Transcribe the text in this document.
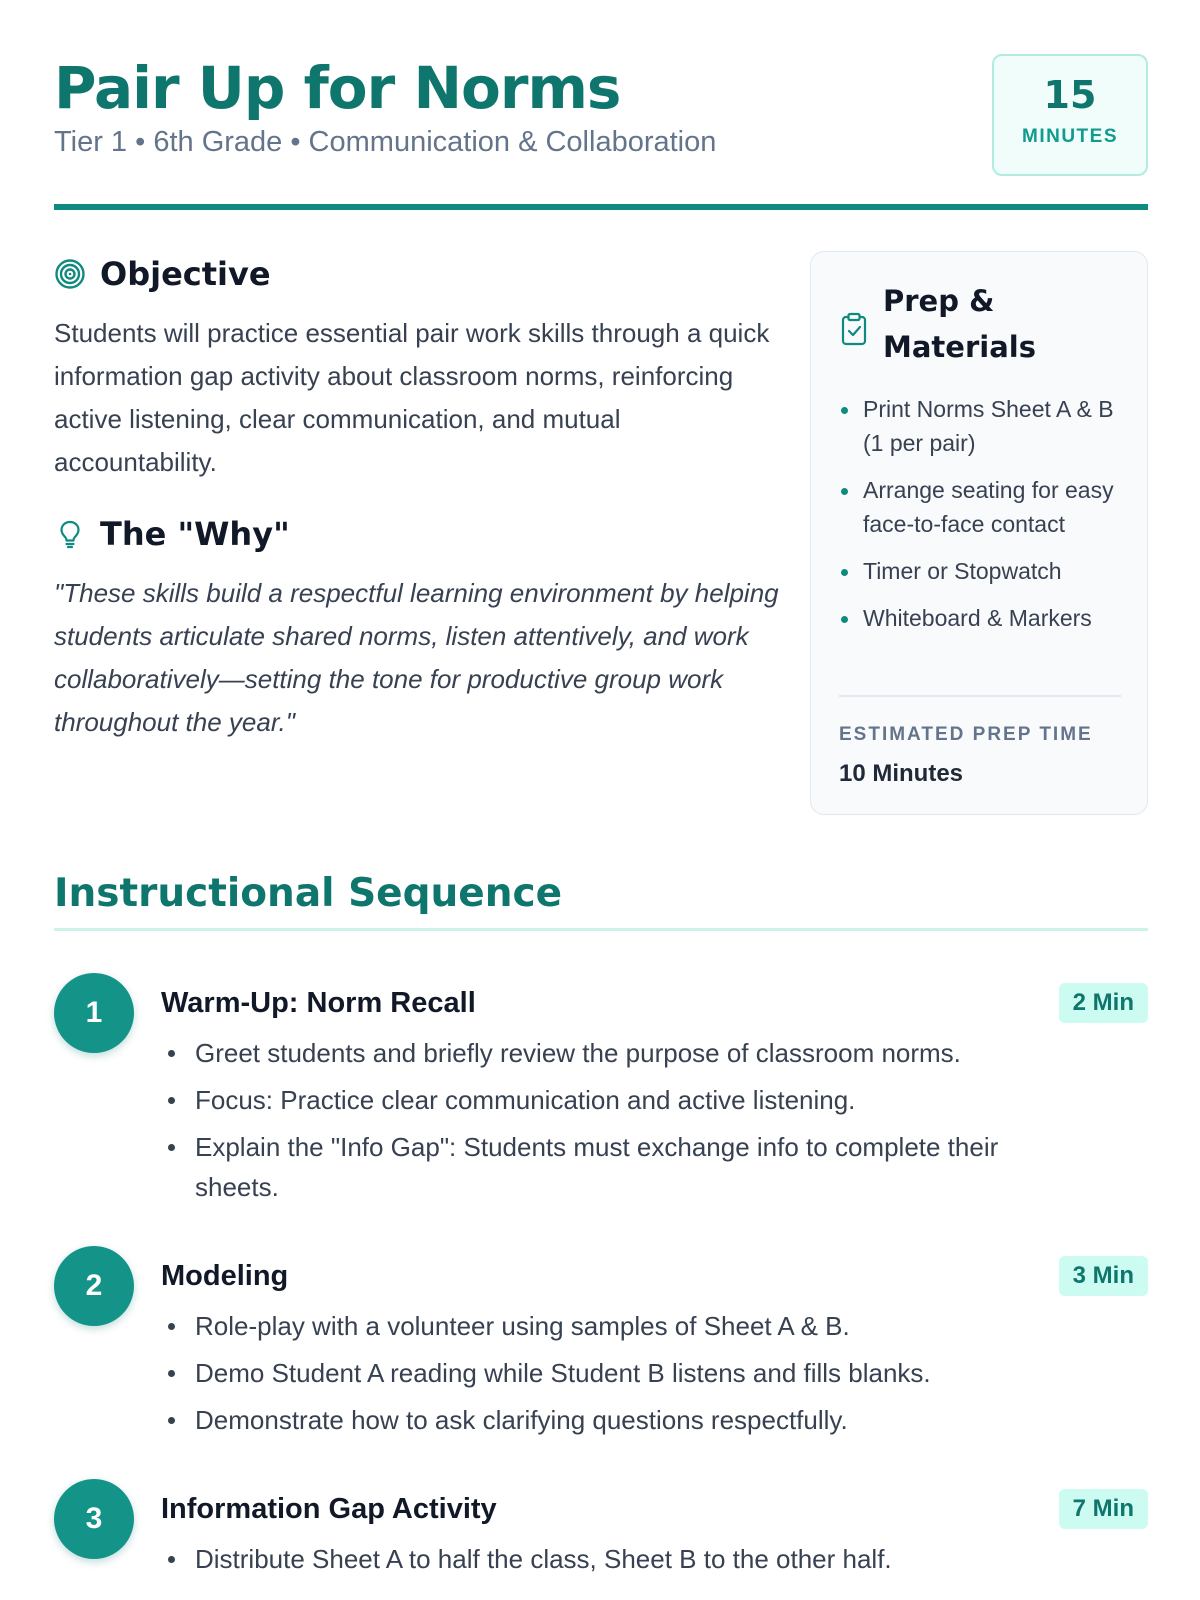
Pair Up for Norms
Tier 1 • 6th Grade • Communication & Collaboration
15
MINUTES
Objective

Students will practice essential pair work skills through a quick information gap activity about classroom norms, reinforcing active listening, clear communication, and mutual accountability.

The "Why"

"These skills build a respectful learning environment by helping students articulate shared norms, listen attentively, and work collaboratively—setting the tone for productive group work throughout the year."

Prep & Materials
Print Norms Sheet A & B (1 per pair)
Arrange seating for easy face-to-face contact
Timer or Stopwatch
Whiteboard & Markers
ESTIMATED PREP TIME
10 Minutes
Instructional Sequence
1	Warm-Up: Norm Recall	2 Min
Greet students and briefly review the purpose of classroom norms.
Focus: Practice clear communication and active listening.
Explain the "Info Gap": Students must exchange info to complete their sheets.
2	Modeling	3 Min
Role-play with a volunteer using samples of Sheet A & B.
Demo Student A reading while Student B listens and fills blanks.
Demonstrate how to ask clarifying questions respectfully.
3	Information Gap Activity	7 Min
Distribute Sheet A to half the class, Sheet B to the other half.
